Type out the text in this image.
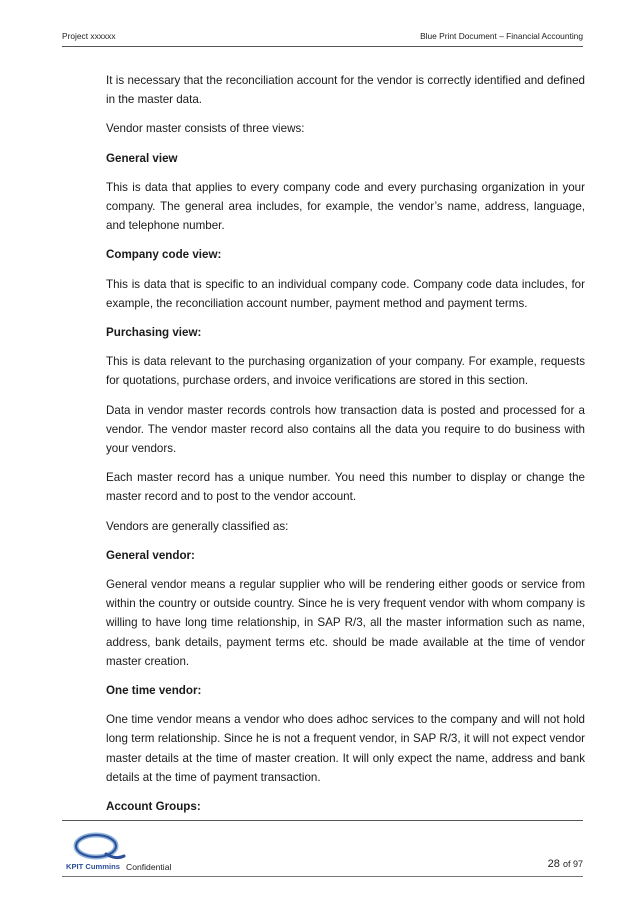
Project xxxxxx	Blue Print Document – Financial Accounting

It is necessary that the reconciliation account for the vendor is correctly identified and defined in the master data.

Vendor master consists of three views:

General view

This is data that applies to every company code and every purchasing organization in your company. The general area includes, for example, the vendor’s name, address, language, and telephone number.

Company code view:

This is data that is specific to an individual company code. Company code data includes, for example, the reconciliation account number, payment method and payment terms.

Purchasing view:

This is data relevant to the purchasing organization of your company. For example, requests for quotations, purchase orders, and invoice verifications are stored in this section.

Data in vendor master records controls how transaction data is posted and processed for a vendor. The vendor master record also contains all the data you require to do business with your vendors.

Each master record has a unique number. You need this number to display or change the master record and to post to the vendor account.

Vendors are generally classified as:

General vendor:

General vendor means a regular supplier who will be rendering either goods or service from within the country or outside country. Since he is very frequent vendor with whom company is willing to have long time relationship, in SAP R/3, all the master information such as name, address, bank details, payment terms etc. should be made available at the time of vendor master creation.

One time vendor:

One time vendor means a vendor who does adhoc services to the company and will not hold long term relationship. Since he is not a frequent vendor, in SAP R/3, it will not expect vendor master details at the time of master creation. It will only expect the name, address and bank details at the time of payment transaction.

Account Groups:

KPIT Cummins Confidential	28 of 97
